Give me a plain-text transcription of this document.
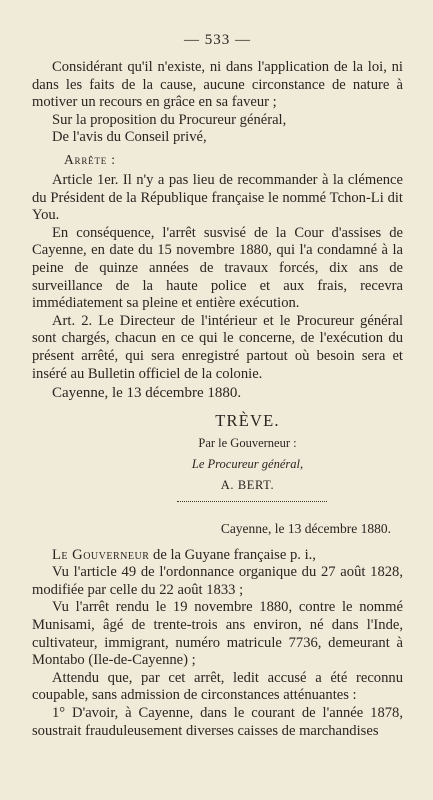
— 533 —

Considérant qu'il n'existe, ni dans l'application de la loi, ni dans les faits de la cause, aucune circonstance de nature à motiver un recours en grâce en sa faveur ;

Sur la proposition du Procureur général,

De l'avis du Conseil privé,

Arrête :

Article 1er. Il n'y a pas lieu de recommander à la clémence du Président de la République française le nommé Tchon-Li dit You.

En conséquence, l'arrêt susvisé de la Cour d'assises de Cayenne, en date du 15 novembre 1880, qui l'a condamné à la peine de quinze années de travaux forcés, dix ans de surveillance de la haute police et aux frais, recevra immédiatement sa pleine et entière exécution.

Art. 2. Le Directeur de l'intérieur et le Procureur général sont chargés, chacun en ce qui le concerne, de l'exécution du présent arrêté, qui sera enregistré partout où besoin sera et inséré au Bulletin officiel de la colonie.

Cayenne, le 13 décembre 1880.

TRÈVE.
Par le Gouverneur :
Le Procureur général,
A. BERT.
Cayenne, le 13 décembre 1880.

Le Gouverneur de la Guyane française p. i.,

Vu l'article 49 de l'ordonnance organique du 27 août 1828, modifiée par celle du 22 août 1833 ;

Vu l'arrêt rendu le 19 novembre 1880, contre le nommé Munisami, âgé de trente-trois ans environ, né dans l'Inde, cultivateur, immigrant, numéro matricule 7736, demeurant à Montabo (Ile-de-Cayenne) ;

Attendu que, par cet arrêt, ledit accusé a été reconnu coupable, sans admission de circonstances atténuantes :

1° D'avoir, à Cayenne, dans le courant de l'année 1878, soustrait frauduleusement diverses caisses de marchandises
